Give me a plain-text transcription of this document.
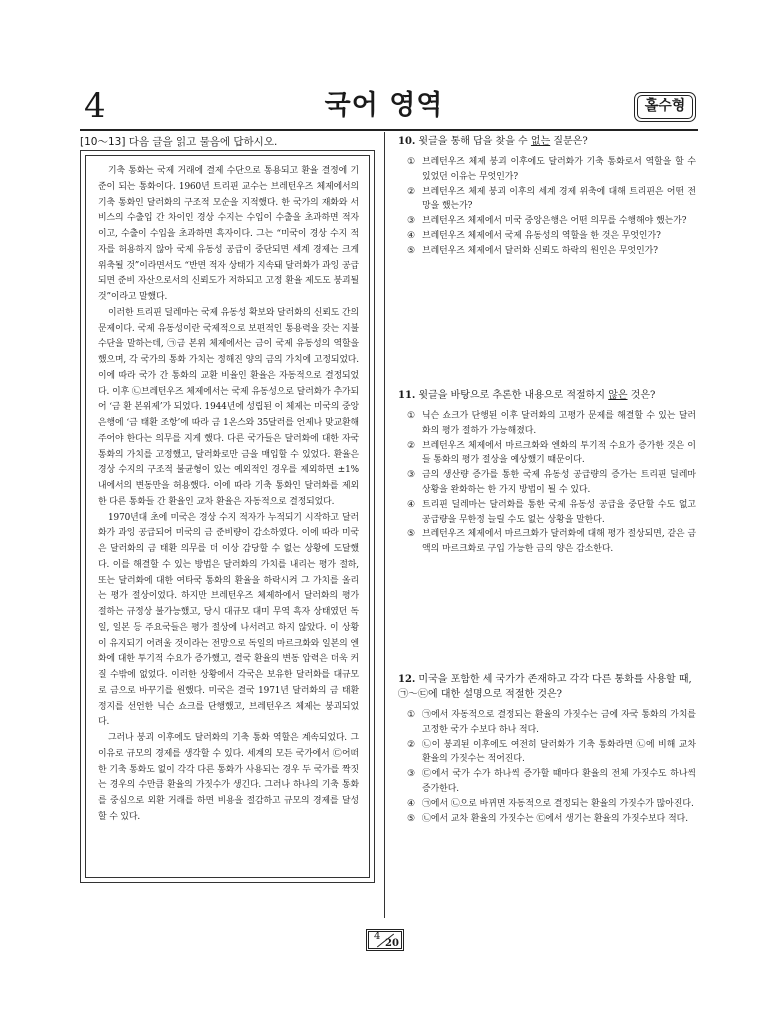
4	국어 영역	홀수형
[10～13] 다음 글을 읽고 물음에 답하시오.

기축 통화는 국제 거래에 결제 수단으로 통용되고 환율 결정에 기준이 되는 통화이다. 1960년 트리핀 교수는 브레턴우즈 체제에서의 기축 통화인 달러화의 구조적 모순을 지적했다. 한 국가의 재화와 서비스의 수출입 간 차이인 경상 수지는 수입이 수출을 초과하면 적자이고, 수출이 수입을 초과하면 흑자이다. 그는 “미국이 경상 수지 적자를 허용하지 않아 국제 유동성 공급이 중단되면 세계 경제는 크게 위축될 것”이라면서도 “반면 적자 상태가 지속돼 달러화가 과잉 공급되면 준비 자산으로서의 신뢰도가 저하되고 고정 환율 제도도 붕괴될 것”이라고 말했다.

이러한 트리핀 딜레마는 국제 유동성 확보와 달러화의 신뢰도 간의 문제이다. 국제 유동성이란 국제적으로 보편적인 통용력을 갖는 지불 수단을 말하는데, ㉠금 본위 체제에서는 금이 국제 유동성의 역할을 했으며, 각 국가의 통화 가치는 정해진 양의 금의 가치에 고정되었다. 이에 따라 국가 간 통화의 교환 비율인 환율은 자동적으로 결정되었다. 이후 ㉡브레턴우즈 체제에서는 국제 유동성으로 달러화가 추가되어 ‘금 환 본위제’가 되었다. 1944년에 성립된 이 체제는 미국의 중앙은행에 ‘금 태환 조항’에 따라 금 1온스와 35달러를 언제나 맞교환해 주어야 한다는 의무를 지게 했다. 다른 국가들은 달러화에 대한 자국 통화의 가치를 고정했고, 달러화로만 금을 매입할 수 있었다. 환율은 경상 수지의 구조적 불균형이 있는 예외적인 경우를 제외하면 ±1% 내에서의 변동만을 허용했다. 이에 따라 기축 통화인 달러화를 제외한 다른 통화들 간 환율인 교차 환율은 자동적으로 결정되었다.

1970년대 초에 미국은 경상 수지 적자가 누적되기 시작하고 달러화가 과잉 공급되어 미국의 금 준비량이 감소하였다. 이에 따라 미국은 달러화의 금 태환 의무를 더 이상 감당할 수 없는 상황에 도달했다. 이를 해결할 수 있는 방법은 달러화의 가치를 내리는 평가 절하, 또는 달러화에 대한 여타국 통화의 환율을 하락시켜 그 가치를 올리는 평가 절상이었다. 하지만 브레턴우즈 체제하에서 달러화의 평가 절하는 규정상 불가능했고, 당시 대규모 대미 무역 흑자 상태였던 독일, 일본 등 주요국들은 평가 절상에 나서려고 하지 않았다. 이 상황이 유지되기 어려울 것이라는 전망으로 독일의 마르크화와 일본의 엔화에 대한 투기적 수요가 증가했고, 결국 환율의 변동 압력은 더욱 커질 수밖에 없었다. 이러한 상황에서 각국은 보유한 달러화를 대규모로 금으로 바꾸기를 원했다. 미국은 결국 1971년 달러화의 금 태환 정지를 선언한 닉슨 쇼크를 단행했고, 브레턴우즈 체제는 붕괴되었다.

그러나 붕괴 이후에도 달러화의 기축 통화 역할은 계속되었다. 그 이유로 규모의 경제를 생각할 수 있다. 세계의 모든 국가에서 ㉢어떠한 기축 통화도 없이 각각 다른 통화가 사용되는 경우 두 국가를 짝짓는 경우의 수만큼 환율의 가짓수가 생긴다. 그러나 하나의 기축 통화를 중심으로 외환 거래를 하면 비용을 절감하고 규모의 경제를 달성할 수 있다.

10. 윗글을 통해 답을 찾을 수 없는 질문은?
① 브레턴우즈 체제 붕괴 이후에도 달러화가 기축 통화로서 역할을 할 수 있었던 이유는 무엇인가?
② 브레턴우즈 체제 붕괴 이후의 세계 경제 위축에 대해 트리핀은 어떤 전망을 했는가?
③ 브레턴우즈 체제에서 미국 중앙은행은 어떤 의무를 수행해야 했는가?
④ 브레턴우즈 체제에서 국제 유동성의 역할을 한 것은 무엇인가?
⑤ 브레턴우즈 체제에서 달러화 신뢰도 하락의 원인은 무엇인가?
11. 윗글을 바탕으로 추론한 내용으로 적절하지 않은 것은?
① 닉슨 쇼크가 단행된 이후 달러화의 고평가 문제를 해결할 수 있는 달러화의 평가 절하가 가능해졌다.
② 브레턴우즈 체제에서 마르크화와 엔화의 투기적 수요가 증가한 것은 이들 통화의 평가 절상을 예상했기 때문이다.
③ 금의 생산량 증가를 통한 국제 유동성 공급량의 증가는 트리핀 딜레마 상황을 완화하는 한 가지 방법이 될 수 있다.
④ 트리핀 딜레마는 달러화를 통한 국제 유동성 공급을 중단할 수도 없고 공급량을 무한정 늘릴 수도 없는 상황을 말한다.
⑤ 브레턴우즈 체제에서 마르크화가 달러화에 대해 평가 절상되면, 같은 금액의 마르크화로 구입 가능한 금의 양은 감소한다.
12. 미국을 포함한 세 국가가 존재하고 각각 다른 통화를 사용할 때, ㉠～㉢에 대한 설명으로 적절한 것은?
① ㉠에서 자동적으로 결정되는 환율의 가짓수는 금에 자국 통화의 가치를 고정한 국가 수보다 하나 적다.
② ㉡이 붕괴된 이후에도 여전히 달러화가 기축 통화라면 ㉡에 비해 교차 환율의 가짓수는 적어진다.
③ ㉢에서 국가 수가 하나씩 증가할 때마다 환율의 전체 가짓수도 하나씩 증가한다.
④ ㉠에서 ㉡으로 바뀌면 자동적으로 결정되는 환율의 가짓수가 많아진다.
⑤ ㉡에서 교차 환율의 가짓수는 ㉢에서 생기는 환율의 가짓수보다 적다.
4
20
